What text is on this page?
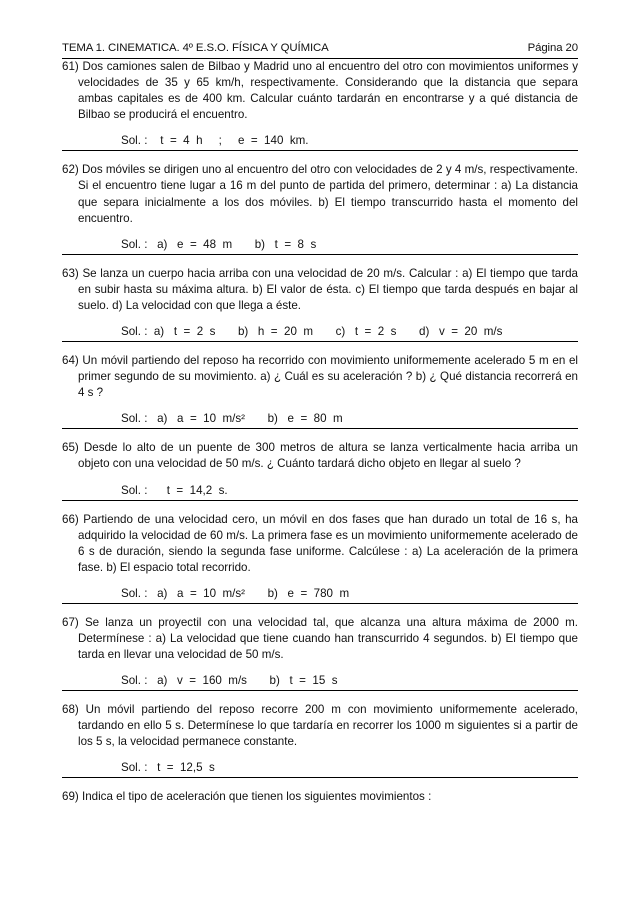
TEMA 1. CINEMATICA. 4º E.S.O. FÍSICA Y QUÍMICA	Página 20

61) Dos camiones salen de Bilbao y Madrid uno al encuentro del otro con movimientos uniformes y velocidades de 35 y 65 km/h, respectivamente. Considerando que la distancia que separa ambas capitales es de 400 km. Calcular cuánto tardarán en encontrarse y a qué distancia de Bilbao se producirá el encuentro.

Sol. :    t  =  4  h     ;     e  =  140  km.

62) Dos móviles se dirigen uno al encuentro del otro con velocidades de 2 y 4 m/s, respectivamente. Si el encuentro tiene lugar a 16 m del punto de partida del primero, determinar : a) La distancia que separa inicialmente a los dos móviles. b) El tiempo transcurrido hasta el momento del encuentro.

Sol. :   a)   e  =  48  m       b)   t  =  8  s

63) Se lanza un cuerpo hacia arriba con una velocidad de 20 m/s. Calcular : a) El tiempo que tarda en subir hasta su máxima altura. b) El valor de ésta. c) El tiempo que tarda después en bajar al suelo. d) La velocidad con que llega a éste.

Sol. :  a)   t  =  2  s       b)   h  =  20  m       c)   t  =  2  s       d)   v  =  20  m/s

64) Un móvil partiendo del reposo ha recorrido con movimiento uniformemente acelerado 5 m en el primer segundo de su movimiento. a) ¿ Cuál es su aceleración ? b) ¿ Qué distancia recorrerá en 4 s ?

Sol. :   a)   a  =  10  m/s²       b)   e  =  80  m

65) Desde lo alto de un puente de 300 metros de altura se lanza verticalmente hacia arriba un objeto con una velocidad de 50 m/s. ¿ Cuánto tardará dicho objeto en llegar al suelo ?

Sol. :      t  =  14,2  s.

66) Partiendo de una velocidad cero, un móvil en dos fases que han durado un total de 16 s, ha adquirido la velocidad de 60 m/s. La primera fase es un movimiento uniformemente acelerado de 6 s de duración, siendo la segunda fase uniforme. Calcúlese : a) La aceleración de la primera fase. b) El espacio total recorrido.

Sol. :   a)   a  =  10  m/s²       b)   e  =  780  m

67) Se lanza un proyectil con una velocidad tal, que alcanza una altura máxima de 2000 m. Determínese : a) La velocidad que tiene cuando han transcurrido 4 segundos. b) El tiempo que tarda en llevar una velocidad de 50 m/s.

Sol. :   a)   v  =  160  m/s       b)   t  =  15  s

68) Un móvil partiendo del reposo recorre 200 m con movimiento uniformemente acelerado, tardando en ello 5 s. Determínese lo que tardaría en recorrer los 1000 m siguientes si a partir de los 5 s, la velocidad permanece constante.

Sol. :   t  =  12,5  s

69) Indica el tipo de aceleración que tienen los siguientes movimientos :
